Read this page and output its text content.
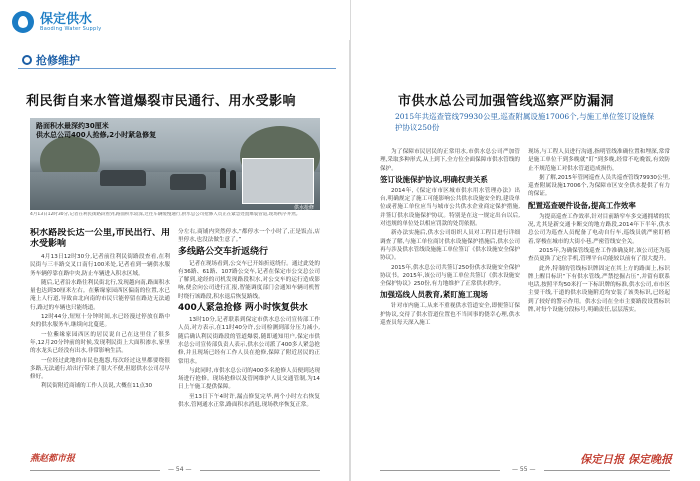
保定供水
Baoding Water Supply
抢修维护
利民街自来水管道爆裂市民通行、用水受影响
路面积水最深约30厘米
供水总公司400人抢修,2小时紧急修复
供水抢修
4月13日12时30分,记者在利民街路段看到,路面积水较深,过往车辆缓慢通行,供水总公司抢修人员正在紧急处置爆裂管道,现场秩序井然。
积水路段长达一公里,市民出行、用水受影响

4月13日12时30分,记者前往利民街路段查看,在利民街与三丰路交叉口南行100米处,记者看到一辆供水服务车辆停靠在路中央,防止车辆进入积水区域。

随后,记者沿水路往利民街北行,发现越向南,路面积水量也达到30厘米左右。在紫缘家园西区偏南的位置,水已淹上人行道,导致由北向南的市民只能停留在路边无法通行,路过的车辆也只能绕道。

12时44分,短短十分钟时间,水已经漫过停放在路中央的供水服务车,继续向北蔓延。

一位紫缘家园西区的居民说自己在这里住了很多年,12月20分钟前的时候,发现利民街上大面积渗水,家里的水龙头已经没有出水,非常影响生活。

一位经过此地的市民也抱怨,每次经过这里都要绕很多路,无法通行,给出行带来了很大不便,但愿供水公司尽早修好。

利民街附近商铺的工作人员说,大概在11点30

分左右,商铺内突然停水,“都停水一个小时了,正是饭点,店里停水,也没法做生意了。”

多线路公交车折返绕行

记者在现场看到,公交车已开始折返绕行。通过此处的有36路、61路、107路公交车,记者在保定市公交总公司了解到,途经的司机发现路段积水,对公交车的运行造成影响,便会向公司进行汇报,智能调度部门会通知车辆司机暂时绕行该路段,积水退后恢复路线。

400人紧急抢修 两小时恢复供水

13时10分,记者联系到保定市供水总公司宣传部工作人员,对方表示,在11时40分许,公司检测到部分压力减小,随后确认利民街路段的管道爆裂,随即通知用户,保定市供水总公司宣传部负责人表示,供水公司派了400多人紧急抢修,并且现场已经有工作人员在抢修,保障了附近居民的正常用水。

与此同时,市供水总公司的400多名抢修人员便到达现场进行抢修。现场抢修以及管网维护人员交通管制,为14日上午施工提供保障。

至13日下午4时许,漏点修复完毕,两个小时左右恢复供水,管网通水正常,路面积水消退,现场秩序恢复正常。

燕赵都市报
— 54 —
市供水总公司加强管线巡察严防漏洞
2015年共巡查管线79930公里,巡查附属设施17006个,与施工单位签订设施保护协议250份

为了保障市民居民的正常用水,市供水总公司严加管理,采取多种形式,从上到下,全方位全面保障市供水管线的保护。

签订设施保护协议,明确权责关系

2014年,《保定市市区城市供水用水管理办法》出台,明确规定了施工可能影响公共供水设施安全的,建设单位或者施工单位应当与城市公共供水企业商定保护措施,并签订供水设施保护协议。特别是在这一规定出台以后,对违规的单位处以相应罚款的处罚依据。

新办法实施后,供水公司组织人员对工程目进行详细调查了解,与施工单位商讨供水设施保护措施后,供水公司再与涉及供水管线设施施工单位签订《供水设施安全保护协议》。

2015年,供水总公司共签订250份供水设施安全保护协议书。2015年,该公司与施工单位共签订《供水设施安全保护协议》250份,有力地维护了正常供水秩序。

加强巡线人员教育,紧盯施工现场

针对市内施工,从来不重视供水管道安全,即便签订保护协议,交待了供水管道位置也不当回事的侥幸心理,供水巡查员每天深入施工

现场,与工程人员进行沟通,指明管线准确位置和埋深,常常是施工单位干到多晚就“盯”到多晚,经常不吃晚饭,有效防止不规范施工对供水管道造成损伤。

据了解,2015年管网巡查人员共巡查管线79930公里,巡查附属设施17006个,为保障市区安全供水提供了有力的保证。

配置巡查硬件设备,提高工作效率

为提高巡查工作效率,针对目前路窄车多交通拥堵的状况,尤其是新交通卡断交的地方路段,2014年下半年,供水总公司为巡查人员配备了电动自行车,巡线员就严密盯梢着,穿梭在城市的大街小巷,严密管线安全关。

2015年,为确保管线巡查工作准确及时,该公司还为巡查员更换了定位手机,管理平台功能较以前有了很大提升。

此外,特制的管线标识牌固定在其上方的路面上,标识牌上醒目标识“下有供水管线,严禁挖掘占压”,并留有联系电话,按照平均50米打一下标识牌的标准,供水公司,市市区主要干线,干道的供水设施附近均安装了该类标识,已经起到了较好的警示作用。供水公司在全市主要路段设置标识牌,对每个设施分段标号,明确责任,层层落实。

保定日报 保定晚报
— 55 —
